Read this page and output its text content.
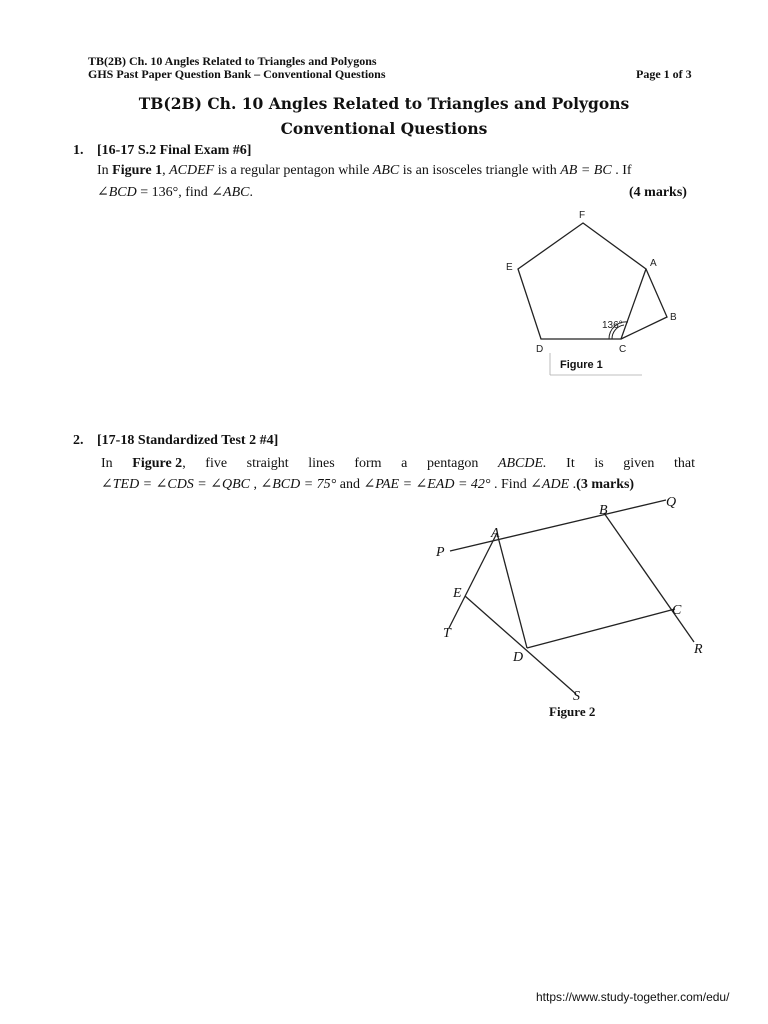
TB(2B) Ch. 10 Angles Related to Triangles and Polygons
GHS Past Paper Question Bank – Conventional Questions	Page 1 of 3
TB(2B) Ch. 10 Angles Related to Triangles and Polygons
Conventional Questions
1. [16-17 S.2 Final Exam #6]
In Figure 1, ACDEF is a regular pentagon while ABC is an isosceles triangle with AB = BC . If
∠BCD = 136°, find ∠ABC.	(4 marks)
F
A
E
B
D	C
136°
Figure 1
2. [17-18 Standardized Test 2 #4]
In Figure 2, five straight lines form a pentagon ABCDE. It is given that
∠TED = ∠CDS = ∠QBC , ∠BCD = 75° and ∠PAE = ∠EAD = 42° . Find ∠ADE .(3 marks)
A
B
Q
P
E
C
T
R
D
S
Figure 2
https://www.study-together.com/edu/
